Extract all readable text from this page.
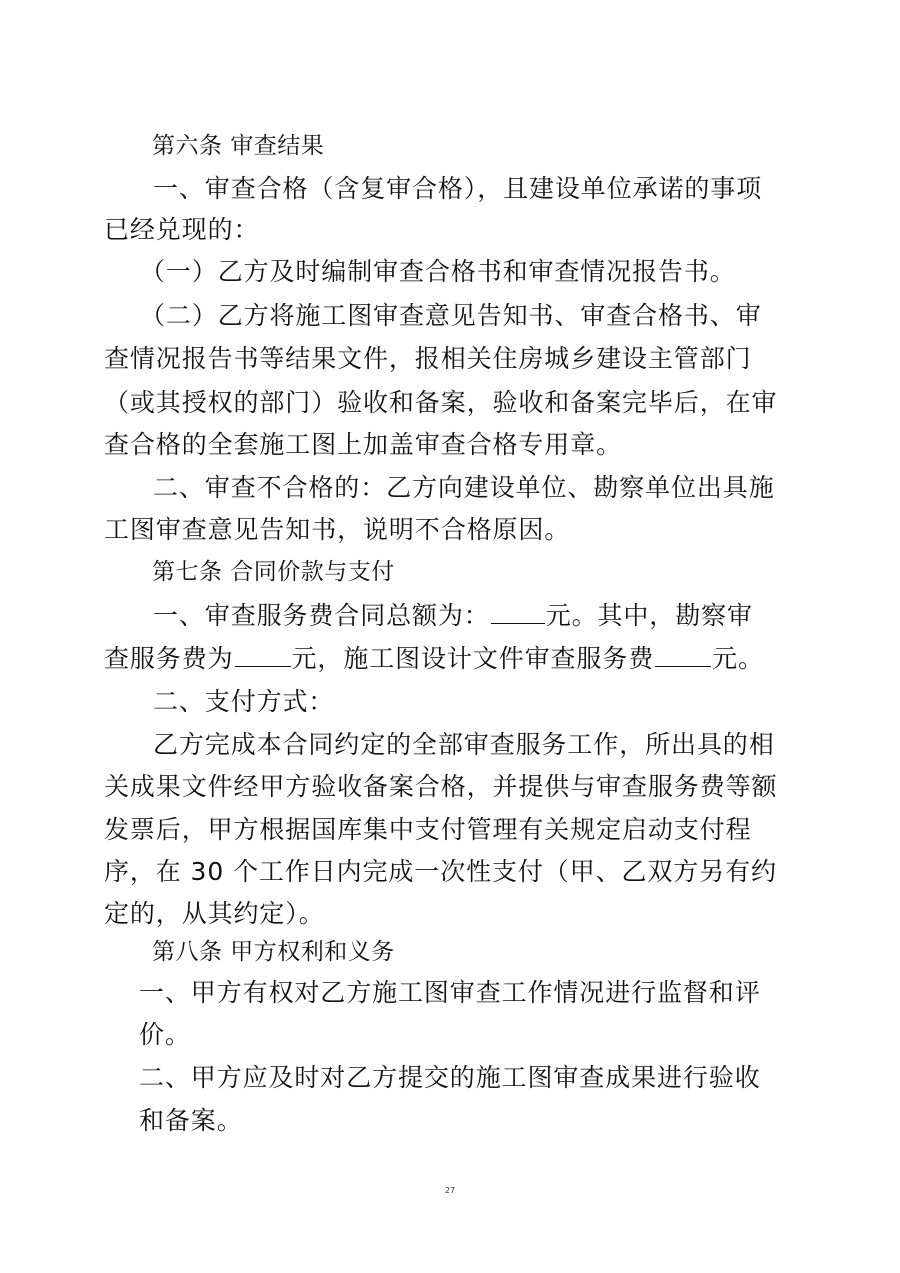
第六条 审查结果
一、审查合格（含复审合格），且建设单位承诺的事项
已经兑现的：
（一）乙方及时编制审查合格书和审查情况报告书。
（二）乙方将施工图审查意见告知书、审查合格书、审
查情况报告书等结果文件，报相关住房城乡建设主管部门
（或其授权的部门）验收和备案，验收和备案完毕后，在审
查合格的全套施工图上加盖审查合格专用章。
二、审查不合格的：乙方向建设单位、勘察单位出具施
工图审查意见告知书，说明不合格原因。
第七条 合同价款与支付
一、审查服务费合同总额为： 元。其中，勘察审
查服务费为 元，施工图设计文件审查服务费 元。
二、支付方式：
乙方完成本合同约定的全部审查服务工作，所出具的相
关成果文件经甲方验收备案合格，并提供与审查服务费等额
发票后，甲方根据国库集中支付管理有关规定启动支付程
序，在 30 个工作日内完成一次性支付（甲、乙双方另有约
定的，从其约定）。
第八条 甲方权利和义务
一、甲方有权对乙方施工图审查工作情况进行监督和评
价。
二、甲方应及时对乙方提交的施工图审查成果进行验收
和备案。
27
